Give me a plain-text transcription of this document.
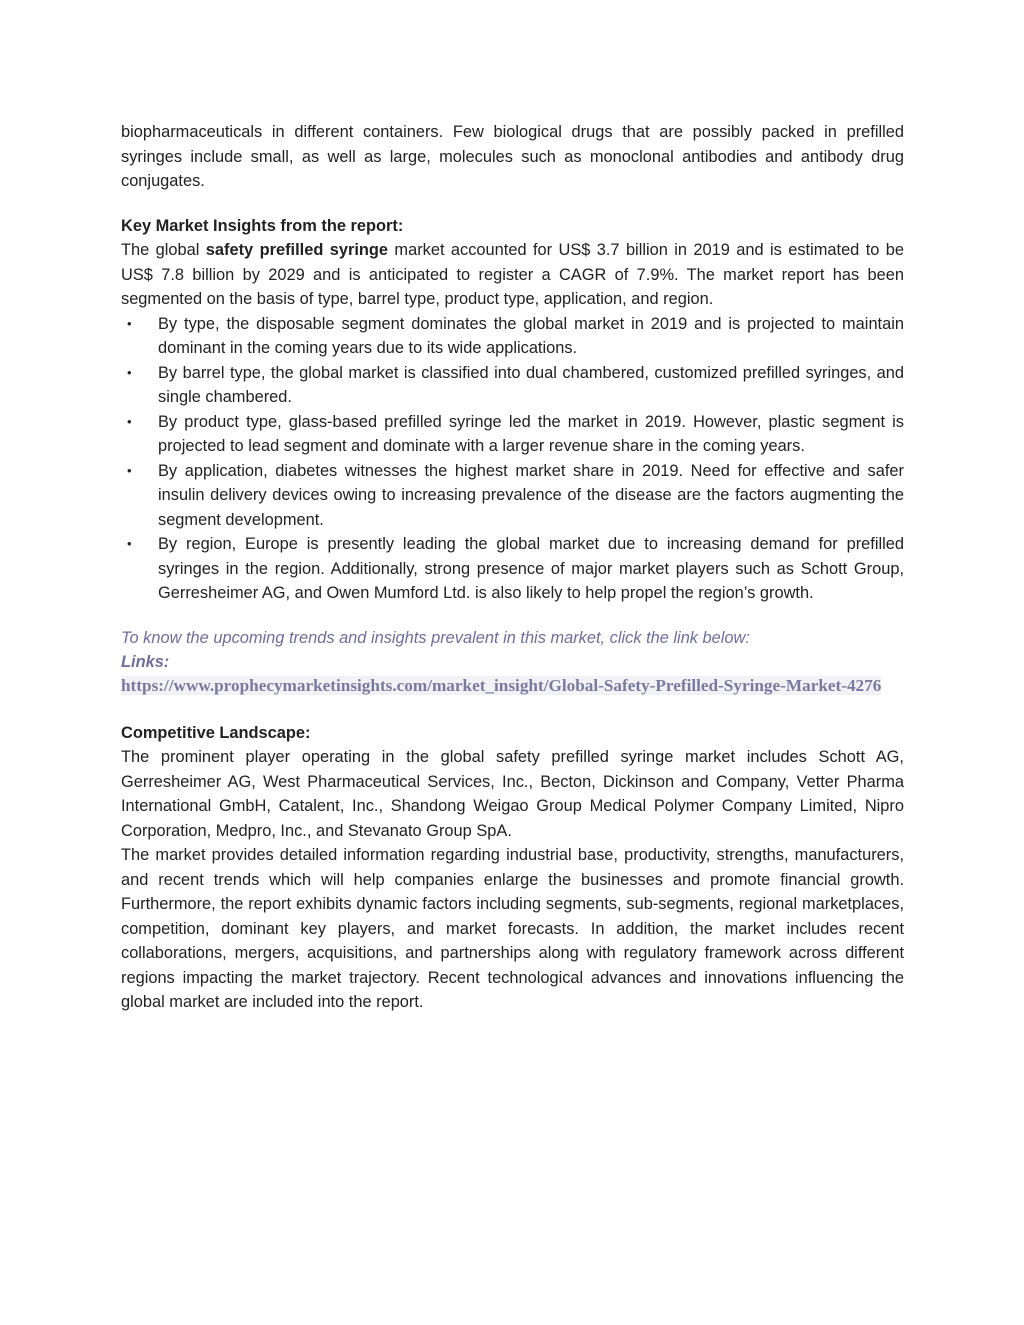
biopharmaceuticals in different containers. Few biological drugs that are possibly packed in prefilled syringes include small, as well as large, molecules such as monoclonal antibodies and antibody drug conjugates.

Key Market Insights from the report:

The global safety prefilled syringe market accounted for US$ 3.7 billion in 2019 and is estimated to be US$ 7.8 billion by 2029 and is anticipated to register a CAGR of 7.9%. The market report has been segmented on the basis of type, barrel type, product type, application, and region.

• By type, the disposable segment dominates the global market in 2019 and is projected to maintain dominant in the coming years due to its wide applications.
• By barrel type, the global market is classified into dual chambered, customized prefilled syringes, and single chambered.
• By product type, glass-based prefilled syringe led the market in 2019. However, plastic segment is projected to lead segment and dominate with a larger revenue share in the coming years.
• By application, diabetes witnesses the highest market share in 2019. Need for effective and safer insulin delivery devices owing to increasing prevalence of the disease are the factors augmenting the segment development.
• By region, Europe is presently leading the global market due to increasing demand for prefilled syringes in the region. Additionally, strong presence of major market players such as Schott Group, Gerresheimer AG, and Owen Mumford Ltd. is also likely to help propel the region’s growth.

To know the upcoming trends and insights prevalent in this market, click the link below:

Links:

https://www.prophecymarketinsights.com/market_insight/Global-Safety-Prefilled-Syringe-Market-4276

Competitive Landscape:

The prominent player operating in the global safety prefilled syringe market includes Schott AG, Gerresheimer AG, West Pharmaceutical Services, Inc., Becton, Dickinson and Company, Vetter Pharma International GmbH, Catalent, Inc., Shandong Weigao Group Medical Polymer Company Limited, Nipro Corporation, Medpro, Inc., and Stevanato Group SpA.

The market provides detailed information regarding industrial base, productivity, strengths, manufacturers, and recent trends which will help companies enlarge the businesses and promote financial growth. Furthermore, the report exhibits dynamic factors including segments, sub-segments, regional marketplaces, competition, dominant key players, and market forecasts. In addition, the market includes recent collaborations, mergers, acquisitions, and partnerships along with regulatory framework across different regions impacting the market trajectory. Recent technological advances and innovations influencing the global market are included into the report.
